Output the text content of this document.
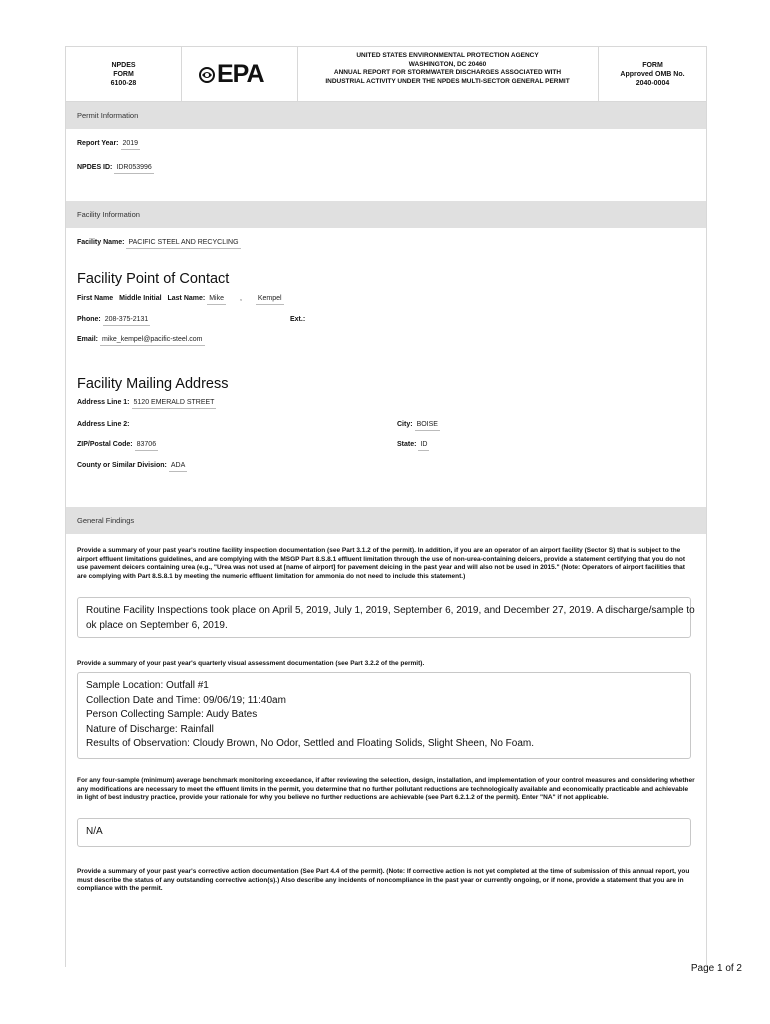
NPDES
FORM
6100-28	EPA
UNITED STATES ENVIRONMENTAL PROTECTION AGENCY
WASHINGTON, DC 20460
ANNUAL REPORT FOR STORMWATER DISCHARGES ASSOCIATED WITH
INDUSTRIAL ACTIVITY UNDER THE NPDES MULTI-SECTOR GENERAL PERMIT
FORM
Approved OMB No.
2040-0004
Permit Information
Report Year: 2019
NPDES ID: IDR053996
Facility Information
Facility Name: PACIFIC STEEL AND RECYCLING
Facility Point of Contact
First Name Middle Initial Last Name: Mike , Kempel
Phone: 208-375-2131	Ext.:
Email: mike_kempel@pacific-steel.com
Facility Mailing Address
Address Line 1: 5120 EMERALD STREET
Address Line 2:	City: BOISE
ZIP/Postal Code: 83706	State: ID
County or Similar Division: ADA
General Findings
Provide a summary of your past year's routine facility inspection documentation (see Part 3.1.2 of the permit). In addition, if you are an operator of an airport facility (Sector S) that is subject to the airport effluent limitations guidelines, and are complying with the MSGP Part 8.S.8.1 effluent limitation through the use of non-urea-containing deicers, provide a statement certifying that you do not use pavement deicers containing urea (e.g., "Urea was not used at [name of airport] for pavement deicing in the past year and will also not be used in 2015." (Note: Operators of airport facilities that are complying with Part 8.S.8.1 by meeting the numeric effluent limitation for ammonia do not need to include this statement.)
Routine Facility Inspections took place on April 5, 2019, July 1, 2019, September 6, 2019, and December 27, 2019. A discharge/sample to
ok place on September 6, 2019.
Provide a summary of your past year's quarterly visual assessment documentation (see Part 3.2.2 of the permit).
Sample Location: Outfall #1
Collection Date and Time: 09/06/19; 11:40am
Person Collecting Sample: Audy Bates
Nature of Discharge: Rainfall
Results of Observation: Cloudy Brown, No Odor, Settled and Floating Solids, Slight Sheen, No Foam.
For any four-sample (minimum) average benchmark monitoring exceedance, if after reviewing the selection, design, installation, and implementation of your control measures and considering whether any modifications are necessary to meet the effluent limits in the permit, you determine that no further pollutant reductions are technologically available and economically practicable and achievable in light of best industry practice, provide your rationale for why you believe no further reductions are achievable (see Part 6.2.1.2 of the permit). Enter "NA" if not applicable.
N/A
Provide a summary of your past year's corrective action documentation (See Part 4.4 of the permit). (Note: If corrective action is not yet completed at the time of submission of this annual report, you must describe the status of any outstanding corrective action(s).) Also describe any incidents of noncompliance in the past year or currently ongoing, or if none, provide a statement that you are in compliance with the permit.
Page 1 of 2
